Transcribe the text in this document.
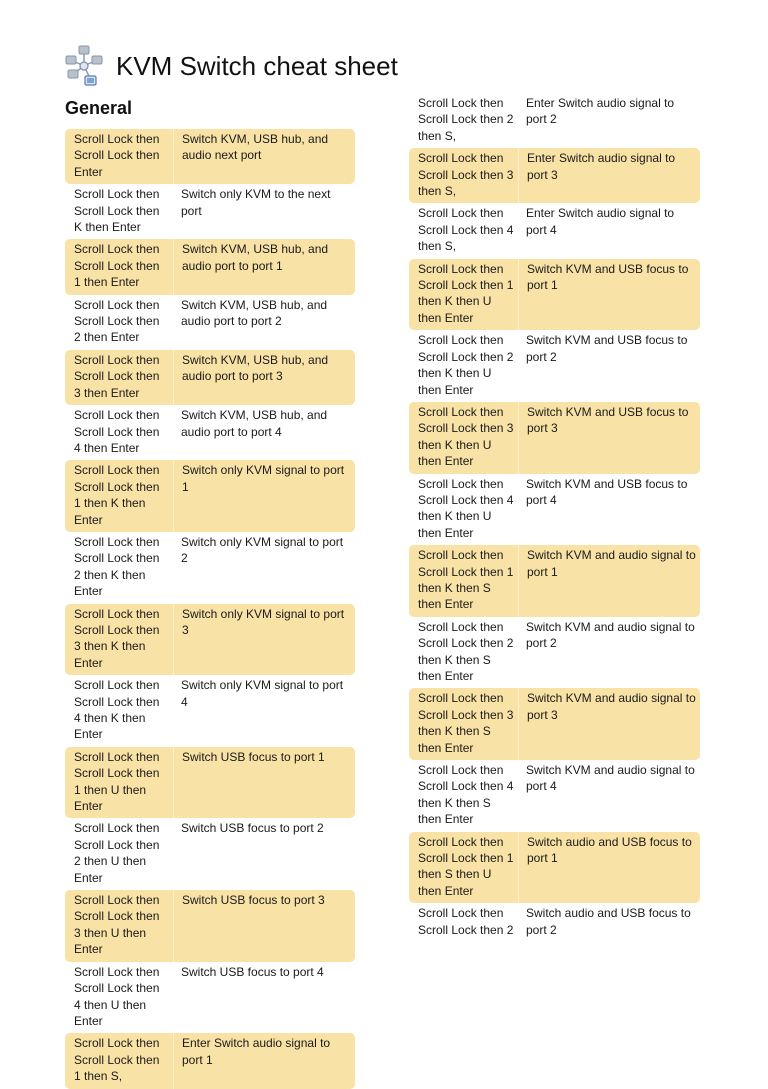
KVM Switch cheat sheet
General
Scroll Lock then Scroll Lock then Enter
Switch KVM, USB hub, and audio next port
Scroll Lock then Scroll Lock then K then Enter
Switch only KVM to the next port
Scroll Lock then Scroll Lock then 1 then Enter
Switch KVM, USB hub, and audio port to port 1
Scroll Lock then Scroll Lock then 2 then Enter
Switch KVM, USB hub, and audio port to port 2
Scroll Lock then Scroll Lock then 3 then Enter
Switch KVM, USB hub, and audio port to port 3
Scroll Lock then Scroll Lock then 4 then Enter
Switch KVM, USB hub, and audio port to port 4
Scroll Lock then Scroll Lock then 1 then K then Enter
Switch only KVM signal to port 1
Scroll Lock then Scroll Lock then 2 then K then Enter
Switch only KVM signal to port 2
Scroll Lock then Scroll Lock then 3 then K then Enter
Switch only KVM signal to port 3
Scroll Lock then Scroll Lock then 4 then K then Enter
Switch only KVM signal to port 4
Scroll Lock then Scroll Lock then 1 then U then Enter
Switch USB focus to port 1
Scroll Lock then Scroll Lock then 2 then U then Enter
Switch USB focus to port 2
Scroll Lock then Scroll Lock then 3 then U then Enter
Switch USB focus to port 3
Scroll Lock then Scroll Lock then 4 then U then Enter
Switch USB focus to port 4
Scroll Lock then Scroll Lock then 1 then S,
Enter Switch audio signal to port 1
Scroll Lock then Scroll Lock then 2 then S,
Enter Switch audio signal to port 2
Scroll Lock then Scroll Lock then 3 then S,
Enter Switch audio signal to port 3
Scroll Lock then Scroll Lock then 4 then S,
Enter Switch audio signal to port 4
Scroll Lock then Scroll Lock then 1 then K then U then Enter
Switch KVM and USB focus to port 1
Scroll Lock then Scroll Lock then 2 then K then U then Enter
Switch KVM and USB focus to port 2
Scroll Lock then Scroll Lock then 3 then K then U then Enter
Switch KVM and USB focus to port 3
Scroll Lock then Scroll Lock then 4 then K then U then Enter
Switch KVM and USB focus to port 4
Scroll Lock then Scroll Lock then 1 then K then S then Enter
Switch KVM and audio signal to port 1
Scroll Lock then Scroll Lock then 2 then K then S then Enter
Switch KVM and audio signal to port 2
Scroll Lock then Scroll Lock then 3 then K then S then Enter
Switch KVM and audio signal to port 3
Scroll Lock then Scroll Lock then 4 then K then S then Enter
Switch KVM and audio signal to port 4
Scroll Lock then Scroll Lock then 1 then S then U then Enter
Switch audio and USB focus to port 1
Scroll Lock then Scroll Lock then 2
Switch audio and USB focus to port 2
